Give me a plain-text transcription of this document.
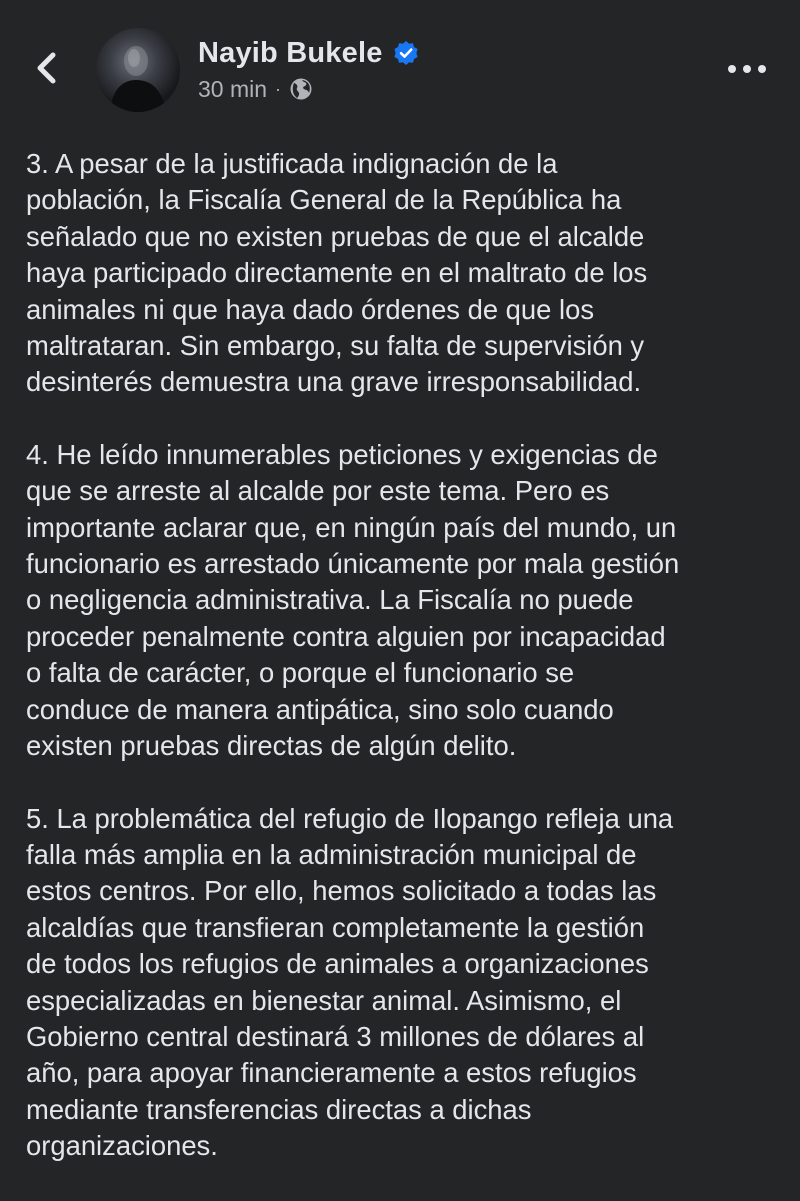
Nayib Bukele
30 min ·

3. A pesar de la justificada indignación de la
población, la Fiscalía General de la República ha
señalado que no existen pruebas de que el alcalde
haya participado directamente en el maltrato de los
animales ni que haya dado órdenes de que los
maltrataran. Sin embargo, su falta de supervisión y
desinterés demuestra una grave irresponsabilidad.

4. He leído innumerables peticiones y exigencias de
que se arreste al alcalde por este tema. Pero es
importante aclarar que, en ningún país del mundo, un
funcionario es arrestado únicamente por mala gestión
o negligencia administrativa. La Fiscalía no puede
proceder penalmente contra alguien por incapacidad
o falta de carácter, o porque el funcionario se
conduce de manera antipática, sino solo cuando
existen pruebas directas de algún delito.

5. La problemática del refugio de Ilopango refleja una
falla más amplia en la administración municipal de
estos centros. Por ello, hemos solicitado a todas las
alcaldías que transfieran completamente la gestión
de todos los refugios de animales a organizaciones
especializadas en bienestar animal. Asimismo, el
Gobierno central destinará 3 millones de dólares al
año, para apoyar financieramente a estos refugios
mediante transferencias directas a dichas
organizaciones.
